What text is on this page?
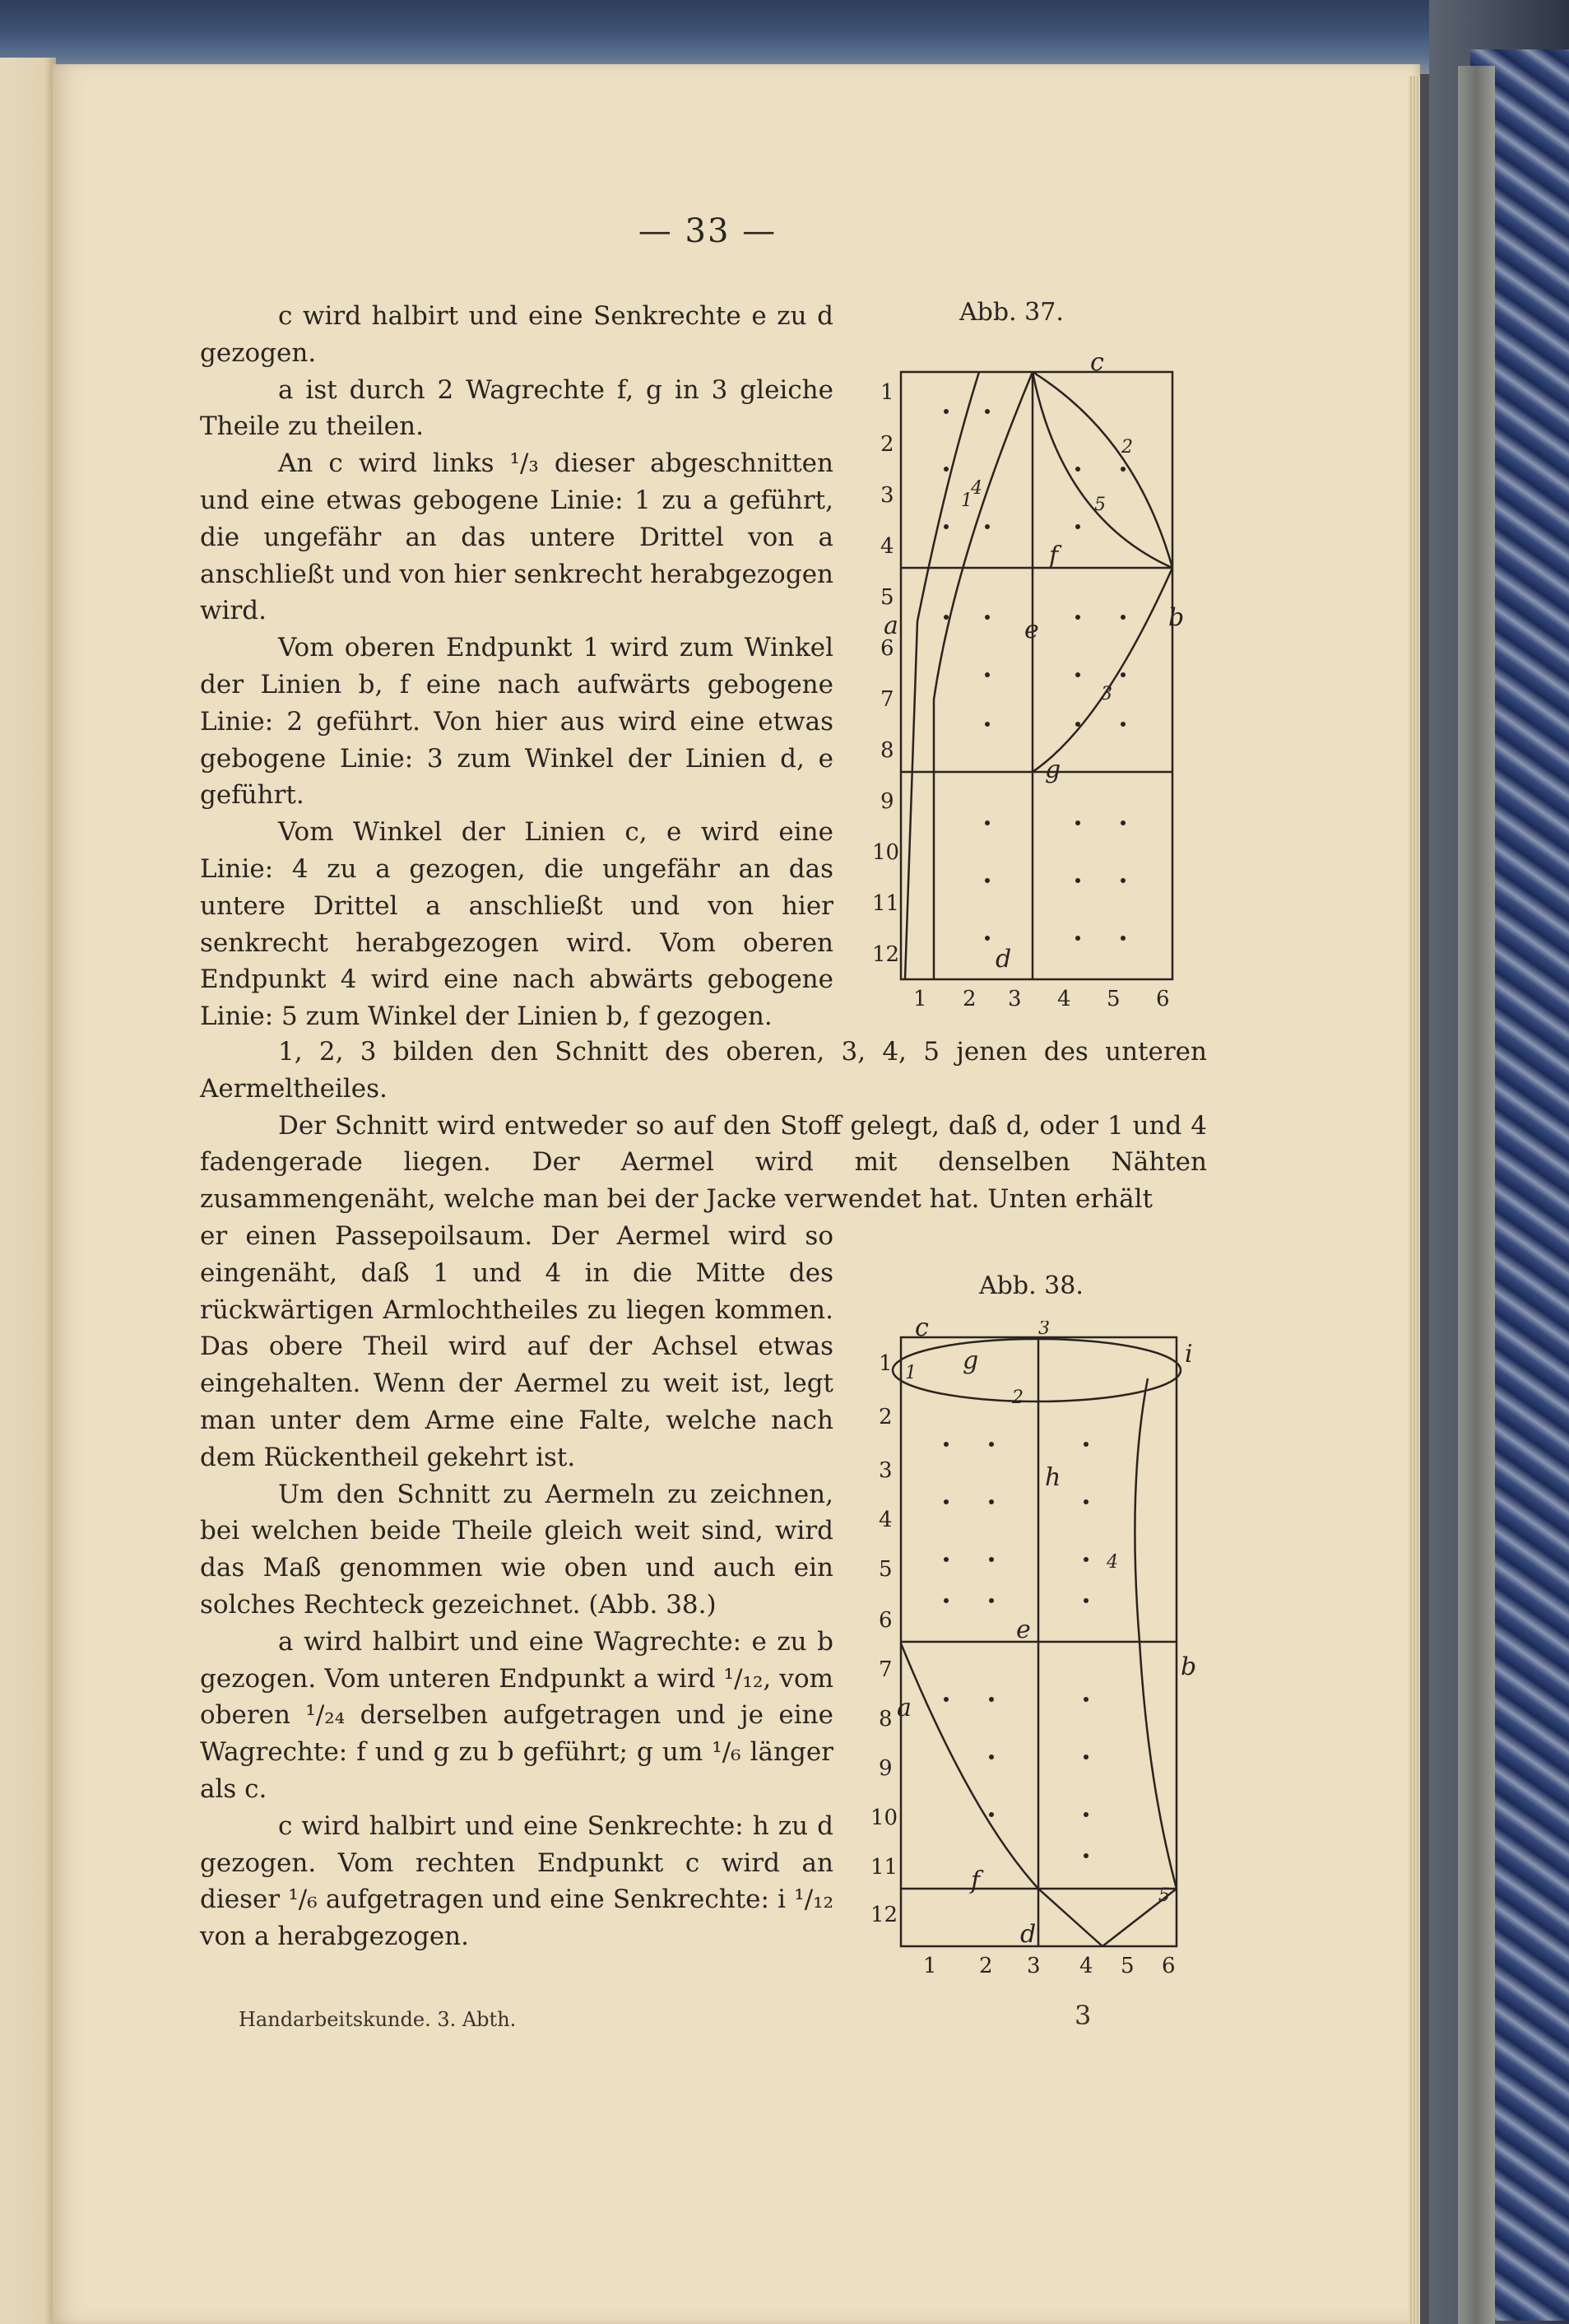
— 33 —

c wird halbirt und eine Senkrechte e zu d gezogen.

a ist durch 2 Wagrechte f, g in 3 gleiche Theile zu theilen.

An c wird links ¹/₃ dieser abgeschnitten und eine etwas gebogene Linie: 1 zu a geführt, die ungefähr an das untere Drittel von a anschließt und von hier senkrecht herabgezogen wird.

Vom oberen Endpunkt 1 wird zum Winkel der Linien b, f eine nach aufwärts gebogene Linie: 2 geführt. Von hier aus wird eine etwas gebogene Linie: 3 zum Winkel der Linien d, e geführt.

Vom Winkel der Linien c, e wird eine Linie: 4 zu a gezogen, die ungefähr an das untere Drittel a anschließt und von hier senkrecht herabgezogen wird. Vom oberen Endpunkt 4 wird eine nach abwärts gebogene Linie: 5 zum Winkel der Linien b, f gezogen.

1, 2, 3 bilden den Schnitt des oberen, 3, 4, 5 jenen des unteren Aermeltheiles.

Der Schnitt wird entweder so auf den Stoff gelegt, daß d, oder 1 und 4 fadengerade liegen. Der Aermel wird mit denselben Nähten zusammengenäht, welche man bei der Jacke verwendet hat. Unten erhält

er einen Passepoilsaum. Der Aermel wird so eingenäht, daß 1 und 4 in die Mitte des rückwärtigen Armlochtheiles zu liegen kommen. Das obere Theil wird auf der Achsel etwas eingehalten. Wenn der Aermel zu weit ist, legt man unter dem Arme eine Falte, welche nach dem Rückentheil gekehrt ist.

Um den Schnitt zu Aermeln zu zeichnen, bei welchen beide Theile gleich weit sind, wird das Maß genommen wie oben und auch ein solches Rechteck gezeichnet. (Abb. 38.)

a wird halbirt und eine Wagrechte: e zu b gezogen. Vom unteren Endpunkt a wird ¹/₁₂, vom oberen ¹/₂₄ derselben aufgetragen und je eine Wagrechte: f und g zu b geführt; g um ¹/₆ länger als c.

c wird halbirt und eine Senkrechte: h zu d gezogen. Vom rechten Endpunkt c wird an dieser ¹/₆ aufgetragen und eine Senkrechte: i ¹/₁₂ von a herabgezogen.

Abb. 37.
1
2
3
4
5
6
7
8
9
10
11
12
1 2 3 4 5 6
c
a	b
f
e
g
d
1
2
3
4
5
Abb. 38.
1
2
3
4
5
6
7
8
9
10
11
12
1 2 3 4 5 6
c
g	i
h
e
b
a
f
d
1
2
3
4
5
Handarbeitskunde. 3. Abth.	3
